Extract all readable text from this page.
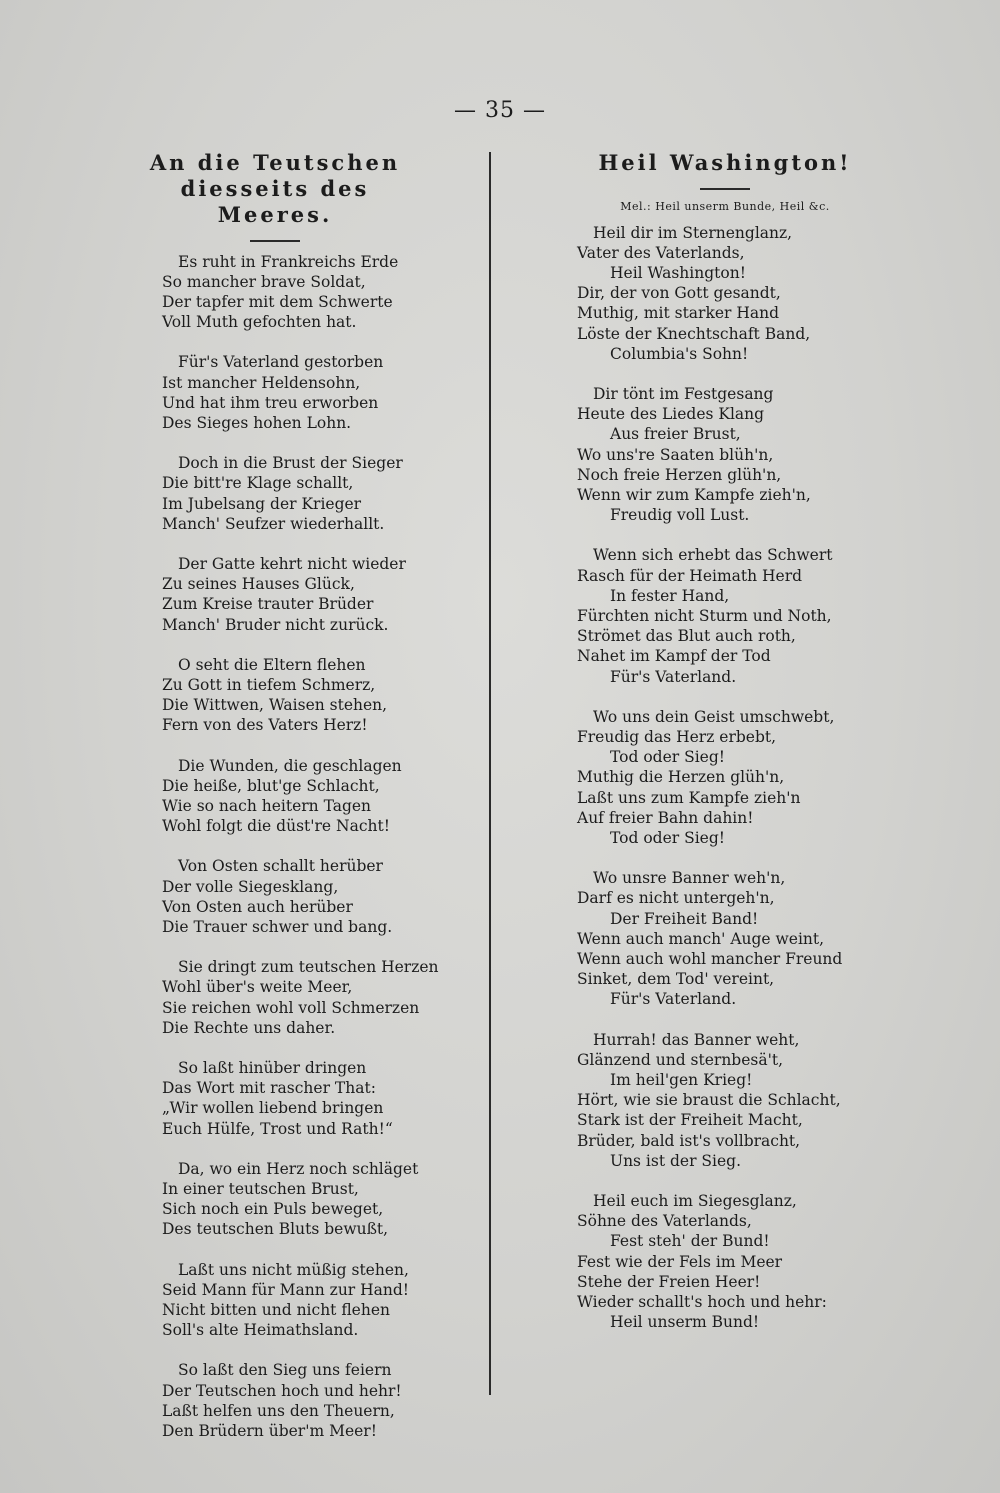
— 35 —

An die Teutschen diesseits des

Meeres.

Es ruht in Frankreichs Erde
So mancher brave Soldat,
Der tapfer mit dem Schwerte
Voll Muth gefochten hat.
Für's Vaterland gestorben
Ist mancher Heldensohn,
Und hat ihm treu erworben
Des Sieges hohen Lohn.
Doch in die Brust der Sieger
Die bitt're Klage schallt,
Im Jubelsang der Krieger
Manch' Seufzer wiederhallt.
Der Gatte kehrt nicht wieder
Zu seines Hauses Glück,
Zum Kreise trauter Brüder
Manch' Bruder nicht zurück.
O seht die Eltern flehen
Zu Gott in tiefem Schmerz,
Die Wittwen, Waisen stehen,
Fern von des Vaters Herz!
Die Wunden, die geschlagen
Die heiße, blut'ge Schlacht,
Wie so nach heitern Tagen
Wohl folgt die düst're Nacht!
Von Osten schallt herüber
Der volle Siegesklang,
Von Osten auch herüber
Die Trauer schwer und bang.
Sie dringt zum teutschen Herzen
Wohl über's weite Meer,
Sie reichen wohl voll Schmerzen
Die Rechte uns daher.
So laßt hinüber dringen
Das Wort mit rascher That:
„Wir wollen liebend bringen
Euch Hülfe, Trost und Rath!“
Da, wo ein Herz noch schläget
In einer teutschen Brust,
Sich noch ein Puls beweget,
Des teutschen Bluts bewußt,
Laßt uns nicht müßig stehen,
Seid Mann für Mann zur Hand!
Nicht bitten und nicht flehen
Soll's alte Heimathsland.
So laßt den Sieg uns feiern
Der Teutschen hoch und hehr!
Laßt helfen uns den Theuern,
Den Brüdern über'm Meer!

Heil Washington!

Mel.: Heil unserm Bunde, Heil &c.
Heil dir im Sternenglanz,
Vater des Vaterlands,
Heil Washington!
Dir, der von Gott gesandt,
Muthig, mit starker Hand
Löste der Knechtschaft Band,
Columbia's Sohn!
Dir tönt im Festgesang
Heute des Liedes Klang
Aus freier Brust,
Wo uns're Saaten blüh'n,
Noch freie Herzen glüh'n,
Wenn wir zum Kampfe zieh'n,
Freudig voll Lust.
Wenn sich erhebt das Schwert
Rasch für der Heimath Herd
In fester Hand,
Fürchten nicht Sturm und Noth,
Strömet das Blut auch roth,
Nahet im Kampf der Tod
Für's Vaterland.
Wo uns dein Geist umschwebt,
Freudig das Herz erbebt,
Tod oder Sieg!
Muthig die Herzen glüh'n,
Laßt uns zum Kampfe zieh'n
Auf freier Bahn dahin!
Tod oder Sieg!
Wo unsre Banner weh'n,
Darf es nicht untergeh'n,
Der Freiheit Band!
Wenn auch manch' Auge weint,
Wenn auch wohl mancher Freund
Sinket, dem Tod' vereint,
Für's Vaterland.
Hurrah! das Banner weht,
Glänzend und sternbesä't,
Im heil'gen Krieg!
Hört, wie sie braust die Schlacht,
Stark ist der Freiheit Macht,
Brüder, bald ist's vollbracht,
Uns ist der Sieg.
Heil euch im Siegesglanz,
Söhne des Vaterlands,
Fest steh' der Bund!
Fest wie der Fels im Meer
Stehe der Freien Heer!
Wieder schallt's hoch und hehr:
Heil unserm Bund!
